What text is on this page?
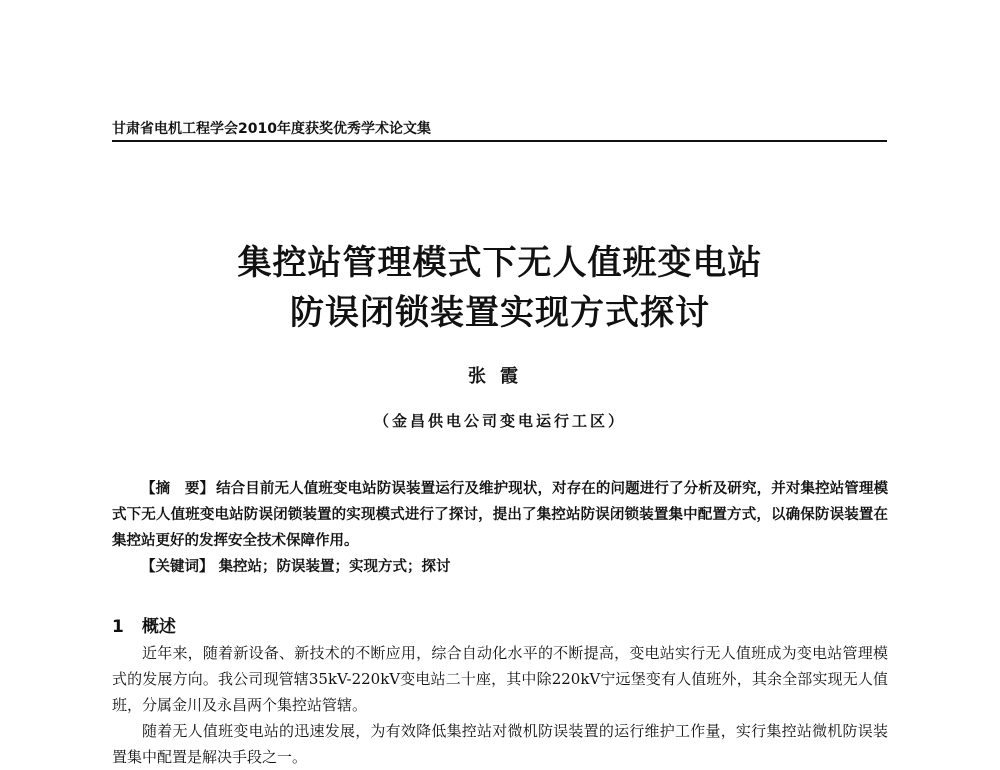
甘肃省电机工程学会2010年度获奖优秀学术论文集
集控站管理模式下无人值班变电站
防误闭锁装置实现方式探讨
张霞
（金昌供电公司变电运行工区）

【摘　要】 结合目前无人值班变电站防误装置运行及维护现状，对存在的问题进行了分析及研究，并对集控站管理模式下无人值班变电站防误闭锁装置的实现模式进行了探讨，提出了集控站防误闭锁装置集中配置方式，以确保防误装置在集控站更好的发挥安全技术保障作用。

【关键词】 集控站；防误装置；实现方式；探讨
1 概述

近年来，随着新设备、新技术的不断应用，综合自动化水平的不断提高，变电站实行无人值班成为变电站管理模式的发展方向。我公司现管辖35kV-220kV变电站二十座，其中除220kV宁远堡变有人值班外，其余全部实现无人值班，分属金川及永昌两个集控站管辖。

随着无人值班变电站的迅速发展，为有效降低集控站对微机防误装置的运行维护工作量，实行集控站微机防误装置集中配置是解决手段之一。
